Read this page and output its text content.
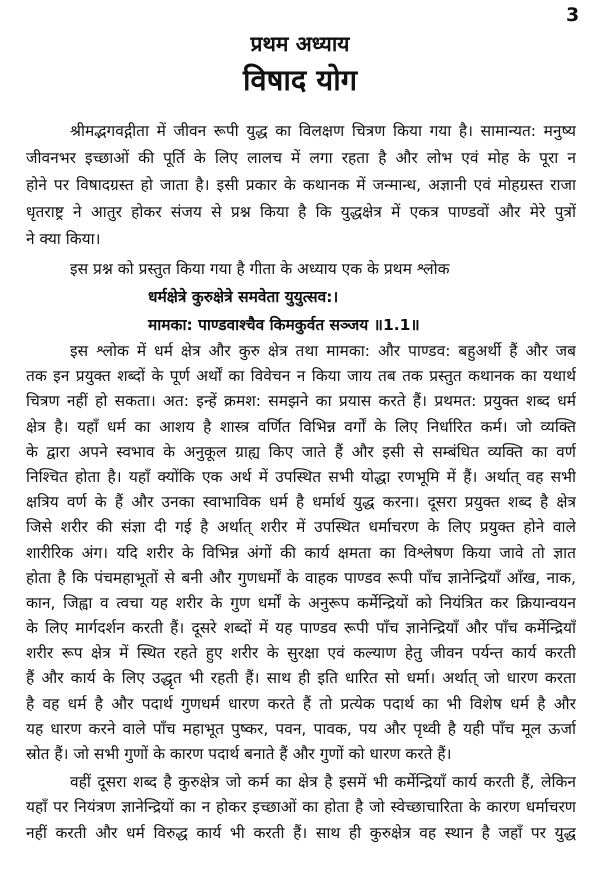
3
प्रथम अध्याय
विषाद योग
श्रीमद्भगवद्गीता में जीवन रूपी युद्ध का विलक्षण चित्रण किया गया है। सामान्यत: मनुष्य
जीवनभर इच्छाओं की पूर्ति के लिए लालच में लगा रहता है और लोभ एवं मोह के पूरा न
होने पर विषादग्रस्त हो जाता है। इसी प्रकार के कथानक में जन्मान्ध, अज्ञानी एवं मोहग्रस्त राजा
धृतराष्ट्र ने आतुर होकर संजय से प्रश्न किया है कि युद्धक्षेत्र में एकत्र पाण्डवों और मेरे पुत्रों
ने क्या किया।
इस प्रश्न को प्रस्तुत किया गया है गीता के अध्याय एक के प्रथम श्लोक
धर्मक्षेत्रे कुरुक्षेत्रे समवेता युयुत्सव:।
मामका: पाण्डवाश्चैव किमकुर्वत सञ्जय ॥1.1॥
इस श्लोक में धर्म क्षेत्र और कुरु क्षेत्र तथा मामका: और पाण्डव: बहुअर्थी हैं और जब
तक इन प्रयुक्त शब्दों के पूर्ण अर्थों का विवेचन न किया जाय तब तक प्रस्तुत कथानक का यथार्थ
चित्रण नहीं हो सकता। अत: इन्हें क्रमश: समझने का प्रयास करते हैं। प्रथमत: प्रयुक्त शब्द धर्म
क्षेत्र है। यहाँ धर्म का आशय है शास्त्र वर्णित विभिन्न वर्गों के लिए निर्धारित कर्म। जो व्यक्ति
के द्वारा अपने स्वभाव के अनुकूल ग्राह्य किए जाते हैं और इसी से सम्बंधित व्यक्ति का वर्ण
निश्चित होता है। यहाँ क्योंकि एक अर्थ में उपस्थित सभी योद्धा रणभूमि में हैं। अर्थात् वह सभी
क्षत्रिय वर्ण के हैं और उनका स्वाभाविक धर्म है धर्मार्थ युद्ध करना। दूसरा प्रयुक्त शब्द है क्षेत्र
जिसे शरीर की संज्ञा दी गई है अर्थात् शरीर में उपस्थित धर्माचरण के लिए प्रयुक्त होने वाले
शारीरिक अंग। यदि शरीर के विभिन्न अंगों की कार्य क्षमता का विश्लेषण किया जावे तो ज्ञात
होता है कि पंचमहाभूतों से बनी और गुणधर्मों के वाहक पाण्डव रूपी पाँच ज्ञानेन्द्रियाँ आँख, नाक,
कान, जिह्वा व त्वचा यह शरीर के गुण धर्मों के अनुरूप कर्मेन्द्रियों को नियंत्रित कर क्रियान्वयन
के लिए मार्गदर्शन करती हैं। दूसरे शब्दों में यह पाण्डव रूपी पाँच ज्ञानेन्द्रियाँ और पाँच कर्मेन्द्रियाँ
शरीर रूप क्षेत्र में स्थित रहते हुए शरीर के सुरक्षा एवं कल्याण हेतु जीवन पर्यन्त कार्य करती
हैं और कार्य के लिए उद्धृत भी रहती हैं। साथ ही इति धारित सो धर्मा। अर्थात् जो धारण करता
है वह धर्म है और पदार्थ गुणधर्म धारण करते हैं तो प्रत्येक पदार्थ का भी विशेष धर्म है और
यह धारण करने वाले पाँच महाभूत पुष्कर, पवन, पावक, पय और पृथ्वी है यही पाँच मूल ऊर्जा
स्रोत हैं। जो सभी गुणों के कारण पदार्थ बनाते हैं और गुणों को धारण करते हैं।
वहीं दूसरा शब्द है कुरुक्षेत्र जो कर्म का क्षेत्र है इसमें भी कर्मेन्द्रियाँ कार्य करती हैं, लेकिन
यहाँ पर नियंत्रण ज्ञानेन्द्रियों का न होकर इच्छाओं का होता है जो स्वेच्छाचारिता के कारण धर्माचरण
नहीं करती और धर्म विरुद्ध कार्य भी करती हैं। साथ ही कुरुक्षेत्र वह स्थान है जहाँ पर युद्ध
